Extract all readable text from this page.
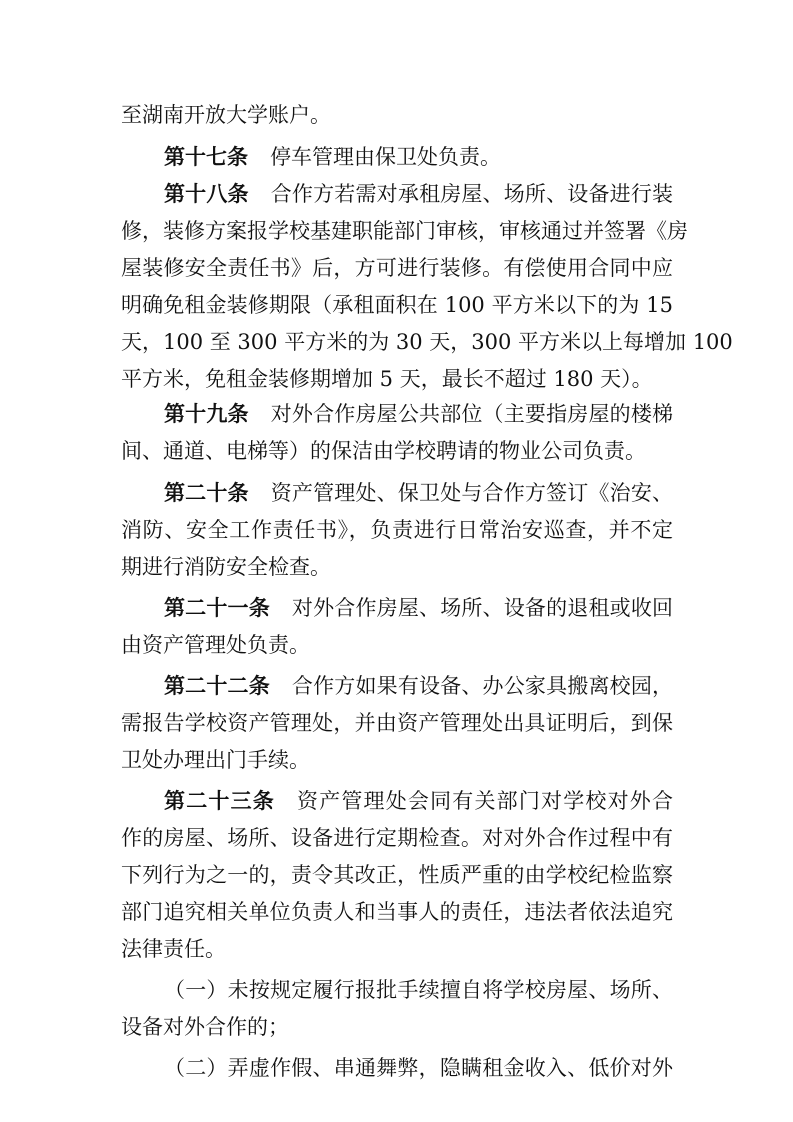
至湖南开放大学账户。
第十七条 停车管理由保卫处负责。
第十八条 合作方若需对承租房屋、场所、设备进行装
修，装修方案报学校基建职能部门审核，审核通过并签署《房
屋装修安全责任书》后，方可进行装修。有偿使用合同中应
明确免租金装修期限（承租面积在 100 平方米以下的为 15
天，100 至 300 平方米的为 30 天，300 平方米以上每增加 100
平方米，免租金装修期增加 5 天，最长不超过 180 天）。
第十九条 对外合作房屋公共部位（主要指房屋的楼梯
间、通道、电梯等）的保洁由学校聘请的物业公司负责。
第二十条 资产管理处、保卫处与合作方签订《治安、
消防、安全工作责任书》，负责进行日常治安巡查，并不定
期进行消防安全检查。
第二十一条 对外合作房屋、场所、设备的退租或收回
由资产管理处负责。
第二十二条 合作方如果有设备、办公家具搬离校园，
需报告学校资产管理处，并由资产管理处出具证明后，到保
卫处办理出门手续。
第二十三条 资产管理处会同有关部门对学校对外合
作的房屋、场所、设备进行定期检查。对对外合作过程中有
下列行为之一的，责令其改正，性质严重的由学校纪检监察
部门追究相关单位负责人和当事人的责任，违法者依法追究
法律责任。
（一）未按规定履行报批手续擅自将学校房屋、场所、
设备对外合作的；
（二）弄虚作假、串通舞弊，隐瞒租金收入、低价对外
